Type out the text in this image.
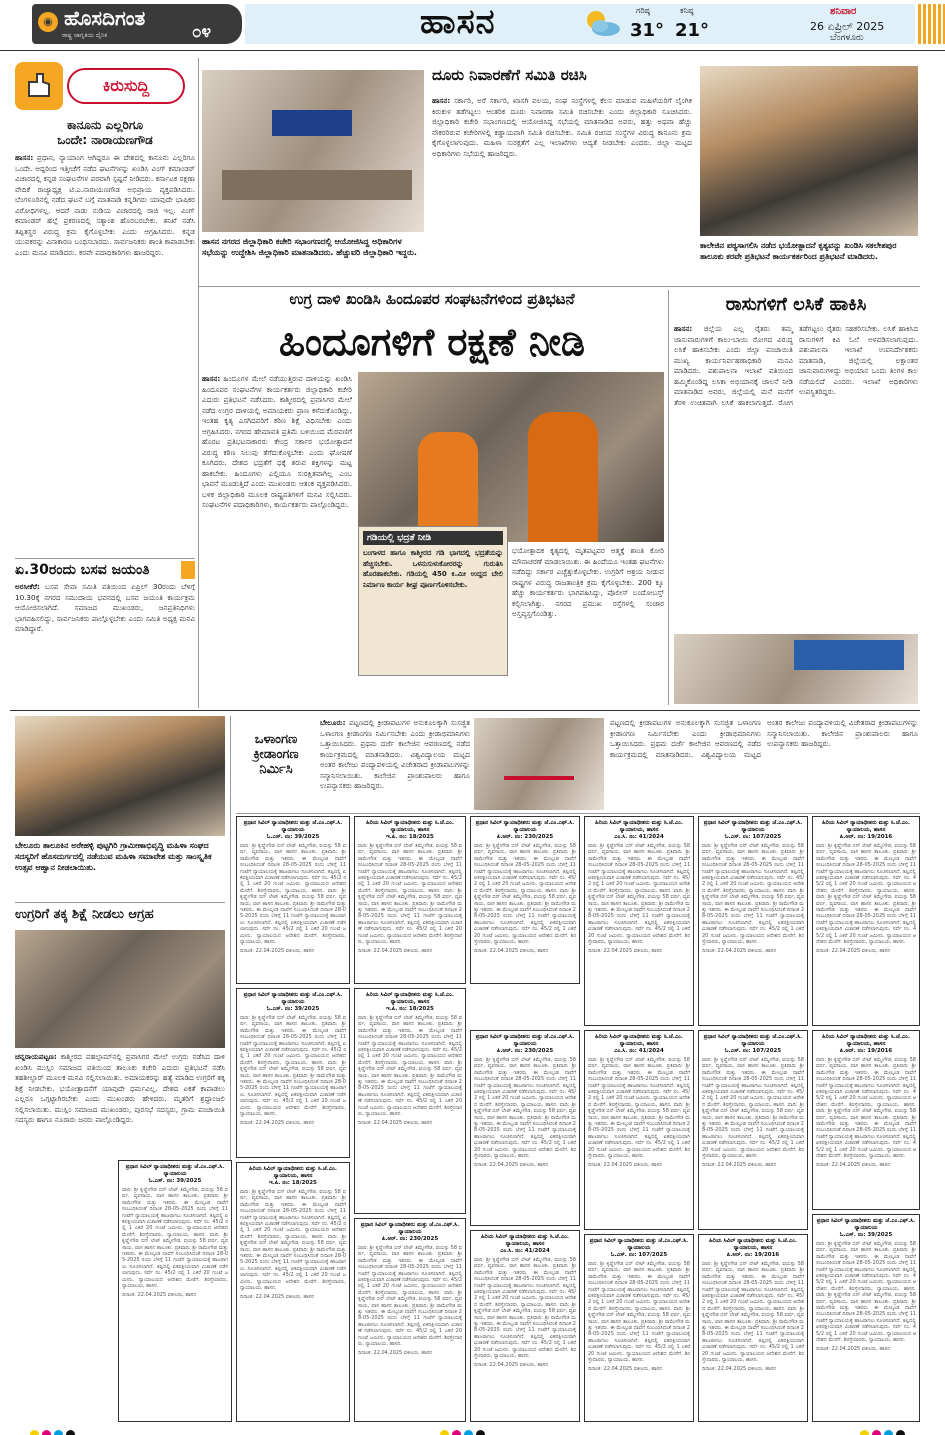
◉ ಹೊಸದಿಗಂತ
ರಾಷ್ಟ್ರ ಜಾಗೃತಿಯ ದೈನಿಕ	೦೪	ಹಾಸನ	ಗರಿಷ್ಠ
31°
ಕನಿಷ್ಠ
21°
ಶನಿವಾರ
26 ಏಪ್ರಿಲ್ 2025
ಬೆಂಗಳೂರು
ಕಿರುಸುದ್ದಿ
ಕಾನೂನು ಎಲ್ಲರಿಗೂ
ಒಂದೇ: ನಾರಾಯಣಗೌಡ
ಹಾಸನ: ಪ್ರಧಾನ, ನ್ಯಾಯಾಂಗ ಆಗಿದ್ದರೂ ಈ ದೇಶದಲ್ಲಿ ಕಾನೂನು ಎಲ್ಲರಿಗೂ ಒಂದೇ. ಆದ್ದರಿಂದ ಇತ್ತೀಚೆಗೆ ನಡೆದ ಘಟನೆಗಳನ್ನು ಖಂಡಿಸಿ ವಿಂಗ್ ಕಮಾಂಡರ್ ವಿಚಾರದಲ್ಲಿ ಕನ್ನಡ ಸಂಘಟನೆಗಳ ಪರವಾಗಿ ಸ್ಪಷ್ಟನೆ ನೀಡಿದರು. ಕರ್ನಾಟಕ ರಕ್ಷಣಾ ವೇದಿಕೆ ರಾಜ್ಯಾಧ್ಯಕ್ಷ ಟಿ.ಎ.ನಾರಾಯಣಗೌಡ ಅಭಿಪ್ರಾಯ ವ್ಯಕ್ತಪಡಿಸಿದರು. ಬೆಂಗಳೂರಿನಲ್ಲಿ ನಡೆದ ಘಟನೆ ಬಗ್ಗೆ ಮಾತನಾಡಿ ಕನ್ನಡಿಗರು ಯಾವುದೇ ಭಾಷಿಕರ ವಿರೋಧಿಗಳಲ್ಲ. ಆದರೆ ನಾಡು ನುಡಿಯ ವಿಚಾರದಲ್ಲಿ ರಾಜಿ ಇಲ್ಲ. ವಿಂಗ್ ಕಮಾಂಡರ್ ಹಲ್ಲೆ ಪ್ರಕರಣದಲ್ಲಿ ಸತ್ಯಾಂಶ ಹೊರಬರಬೇಕು. ತನಿಖೆ ನಡೆಸಿ ತಪ್ಪಿತಸ್ಥರ ವಿರುದ್ಧ ಕ್ರಮ ಕೈಗೊಳ್ಳಬೇಕು ಎಂದು ಆಗ್ರಹಿಸಿದರು. ಕನ್ನಡ ಯುವಕರನ್ನು ವಿನಾಕಾರಣ ಬಂಧಿಸಬಾರದು. ಸಾರ್ವಜನಿಕರು ಶಾಂತಿ ಕಾಪಾಡಬೇಕು ಎಂದು ಮನವಿ ಮಾಡಿದರು. ಕರವೇ ಪದಾಧಿಕಾರಿಗಳು ಹಾಜರಿದ್ದರು.
ಏ.30ರಂದು ಬಸವ ಜಯಂತಿ
ಅರಸೀಕೆರೆ: ಬಸವ ಸೇವಾ ಸಮಿತಿ ವತಿಯಿಂದ ಏಪ್ರಿಲ್ 30ರಂದು ಬೆಳಿಗ್ಗೆ 10.30ಕ್ಕೆ ನಗರದ ಸಮುದಾಯ ಭವನದಲ್ಲಿ ಬಸವ ಜಯಂತಿ ಕಾರ್ಯಕ್ರಮ ಆಯೋಜಿಸಲಾಗಿದೆ. ಸಮಾಜದ ಮುಖಂಡರು, ಜನಪ್ರತಿನಿಧಿಗಳು ಭಾಗವಹಿಸಲಿದ್ದು, ಸಾರ್ವಜನಿಕರು ಪಾಲ್ಗೊಳ್ಳಬೇಕು ಎಂದು ಸಮಿತಿ ಅಧ್ಯಕ್ಷ ಮನವಿ ಮಾಡಿದ್ದಾರೆ.
ಹಾಸನ ನಗರದ ಜಿಲ್ಲಾಧಿಕಾರಿ ಕಚೇರಿ ಸಭಾಂಗಣದಲ್ಲಿ ಆಯೋಜಿಸಿದ್ದ ಅಧಿಕಾರಿಗಳ ಸಭೆಯನ್ನು ಉದ್ದೇಶಿಸಿ ಜಿಲ್ಲಾಧಿಕಾರಿ ಮಾತನಾಡಿದರು. ಹೆಚ್ಚುವರಿ ಜಿಲ್ಲಾಧಿಕಾರಿ ಇದ್ದರು.
ದೂರು ನಿವಾರಣೆಗೆ ಸಮಿತಿ ರಚಿಸಿ
ಹಾಸನ: ಸರ್ಕಾರಿ, ಅರೆ ಸರ್ಕಾರಿ, ಖಾಸಗಿ ವಲಯ, ಸಂಘ ಸಂಸ್ಥೆಗಳಲ್ಲಿ ಕೆಲಸ ಮಾಡುವ ಮಹಿಳೆಯರಿಗೆ ಲೈಂಗಿಕ ಕಿರುಕುಳ ತಡೆಗಟ್ಟಲು ಆಂತರಿಕ ದೂರು ನಿವಾರಣಾ ಸಮಿತಿ ರಚಿಸಬೇಕು ಎಂದು ಜಿಲ್ಲಾಧಿಕಾರಿ ಸೂಚಿಸಿದರು. ಜಿಲ್ಲಾಧಿಕಾರಿ ಕಚೇರಿ ಸಭಾಂಗಣದಲ್ಲಿ ಆಯೋಜಿಸಿದ್ದ ಸಭೆಯಲ್ಲಿ ಮಾತನಾಡಿದ ಅವರು, ಹತ್ತು ಅಥವಾ ಹೆಚ್ಚು ನೌಕರರಿರುವ ಕಚೇರಿಗಳಲ್ಲಿ ಕಡ್ಡಾಯವಾಗಿ ಸಮಿತಿ ರಚಿಸಬೇಕು. ಸಮಿತಿ ರಚಿಸದ ಸಂಸ್ಥೆಗಳ ವಿರುದ್ಧ ಕಾನೂನು ಕ್ರಮ ಕೈಗೊಳ್ಳಲಾಗುವುದು. ಮಹಿಳಾ ಸುರಕ್ಷತೆಗೆ ಎಲ್ಲ ಇಲಾಖೆಗಳು ಆದ್ಯತೆ ನೀಡಬೇಕು ಎಂದರು. ಜಿಲ್ಲಾ ಮಟ್ಟದ ಅಧಿಕಾರಿಗಳು ಸಭೆಯಲ್ಲಿ ಹಾಜರಿದ್ದರು.
ಕಾಲೇಜಿನ ಪಠ್ಯಸಾಗಲಿಸಿ ನಡೆದ ಭಯೋತ್ಪಾದನೆ ಕೃತ್ಯವನ್ನು ಖಂಡಿಸಿ ಸಕಲೇಶಪುರ ತಾಲೂಕು ಕರವೇ ಪ್ರತಿಭಟನೆ ಕಾರ್ಯಕರ್ತರಿಂದ ಪ್ರತಿಭಟನೆ ಮಾಡಿದರು.
ಉಗ್ರ ದಾಳಿ ಖಂಡಿಸಿ ಹಿಂದೂಪರ ಸಂಘಟನೆಗಳಿಂದ ಪ್ರತಿಭಟನೆ
ಹಿಂದೂಗಳಿಗೆ ರಕ್ಷಣೆ ನೀಡಿ
ಹಾಸನ: ಹಿಂದೂಗಳ ಮೇಲೆ ನಡೆಯುತ್ತಿರುವ ದಾಳಿಯನ್ನು ಖಂಡಿಸಿ ಹಿಂದೂಪರ ಸಂಘಟನೆಗಳ ಕಾರ್ಯಕರ್ತರು ಜಿಲ್ಲಾಧಿಕಾರಿ ಕಚೇರಿ ಎದುರು ಪ್ರತಿಭಟನೆ ನಡೆಸಿದರು. ಕಾಶ್ಮೀರದಲ್ಲಿ ಪ್ರವಾಸಿಗರ ಮೇಲೆ ನಡೆದ ಉಗ್ರರ ದಾಳಿಯಲ್ಲಿ ಅಮಾಯಕರು ಪ್ರಾಣ ಕಳೆದುಕೊಂಡಿದ್ದು, ಇಂತಹ ಕೃತ್ಯ ಎಸಗಿದವರಿಗೆ ಕಠಿಣ ಶಿಕ್ಷೆ ವಿಧಿಸಬೇಕು ಎಂದು ಆಗ್ರಹಿಸಿದರು. ನಗರದ ಹೇಮಾವತಿ ಪ್ರತಿಮೆ ಬಳಿಯಿಂದ ಮೆರವಣಿಗೆ ಹೊರಟ ಪ್ರತಿಭಟನಾಕಾರರು ಕೇಂದ್ರ ಸರ್ಕಾರ ಭಯೋತ್ಪಾದನೆ ವಿರುದ್ಧ ಕಠಿಣ ನಿಲುವು ತೆಗೆದುಕೊಳ್ಳಬೇಕು ಎಂದು ಘೋಷಣೆ ಕೂಗಿದರು. ದೇಶದ ಭದ್ರತೆಗೆ ಧಕ್ಕೆ ತರುವ ಶಕ್ತಿಗಳನ್ನು ಮಟ್ಟ ಹಾಕಬೇಕು. ಹಿಂದೂಗಳು ಎಲ್ಲಿಯೂ ಸುರಕ್ಷಿತವಾಗಿಲ್ಲ ಎಂಬ ಭಾವನೆ ಮೂಡುತ್ತಿದೆ ಎಂದು ಮುಖಂಡರು ಆತಂಕ ವ್ಯಕ್ತಪಡಿಸಿದರು. ಬಳಿಕ ಜಿಲ್ಲಾಧಿಕಾರಿ ಮೂಲಕ ರಾಷ್ಟ್ರಪತಿಗಳಿಗೆ ಮನವಿ ಸಲ್ಲಿಸಿದರು. ಸಂಘಟನೆಗಳ ಪದಾಧಿಕಾರಿಗಳು, ಕಾರ್ಯಕರ್ತರು ಪಾಲ್ಗೊಂಡಿದ್ದರು.
ಗಡಿಯಲ್ಲಿ ಭದ್ರತೆ ನೀಡಿ
ಬಂಗಾಳದ ಹಾಗೂ ಕಾಶ್ಮೀರದ ಗಡಿ ಭಾಗದಲ್ಲಿ ಭದ್ರತೆಯನ್ನು ಹೆಚ್ಚಿಸಬೇಕು. ಒಳನುಸುಳುಕೋರರನ್ನು ಗುರುತಿಸಿ ಹೊರಹಾಕಬೇಕು. ಗಡಿಯಲ್ಲಿ 450 ಕಿ.ಮೀ ಉದ್ದದ ಬೇಲಿ ನಿರ್ಮಾಣ ಕಾರ್ಯ ಶೀಘ್ರ ಪೂರ್ಣಗೊಳಿಸಬೇಕು.
ಭಯೋತ್ಪಾದಕ ಕೃತ್ಯದಲ್ಲಿ ಮೃತಪಟ್ಟವರ ಆತ್ಮಕ್ಕೆ ಶಾಂತಿ ಕೋರಿ ಮೌನಾಚರಣೆ ಮಾಡಲಾಯಿತು. ಈ ಹಿಂದೆಯೂ ಇಂತಹ ಘಟನೆಗಳು ನಡೆದಿದ್ದು ಸರ್ಕಾರ ಎಚ್ಚೆತ್ತುಕೊಳ್ಳಬೇಕು. ಉಗ್ರರಿಗೆ ಆಶ್ರಯ ನೀಡುವ ರಾಷ್ಟ್ರಗಳ ವಿರುದ್ಧ ರಾಜತಾಂತ್ರಿಕ ಕ್ರಮ ಕೈಗೊಳ್ಳಬೇಕು. 200 ಕ್ಕೂ ಹೆಚ್ಚು ಕಾರ್ಯಕರ್ತರು ಭಾಗವಹಿಸಿದ್ದು, ಪೊಲೀಸ್ ಬಂದೋಬಸ್ತ್ ಕಲ್ಪಿಸಲಾಗಿತ್ತು. ನಗರದ ಪ್ರಮುಖ ರಸ್ತೆಗಳಲ್ಲಿ ಸಂಚಾರ ಅಸ್ತವ್ಯಸ್ತಗೊಂಡಿತ್ತು.
ರಾಸುಗಳಿಗೆ ಲಸಿಕೆ ಹಾಕಿಸಿ
ಹಾಸನ: ಜಿಲ್ಲೆಯ ಎಲ್ಲ ರೈತರು ತಮ್ಮ ಜಾನುವಾರುಗಳಿಗೆ ಕಾಲು-ಬಾಯಿ ರೋಗದ ವಿರುದ್ಧ ಲಸಿಕೆ ಹಾಕಿಸಬೇಕು ಎಂದು ಜಿಲ್ಲಾ ಪಂಚಾಯಿತಿ ಮುಖ್ಯ ಕಾರ್ಯನಿರ್ವಹಣಾಧಿಕಾರಿ ಮನವಿ ಮಾಡಿದರು. ಪಶುಪಾಲನಾ ಇಲಾಖೆ ವತಿಯಿಂದ ಹಮ್ಮಿಕೊಂಡಿದ್ದ ಲಸಿಕಾ ಅಭಿಯಾನಕ್ಕೆ ಚಾಲನೆ ನೀಡಿ ಮಾತನಾಡಿದ ಅವರು, ಜಿಲ್ಲೆಯಲ್ಲಿ ಮನೆ ಮನೆಗೆ ತೆರಳಿ ಉಚಿತವಾಗಿ ಲಸಿಕೆ ಹಾಕಲಾಗುತ್ತದೆ. ರೋಗ ತಡೆಗಟ್ಟಲು ರೈತರು ಸಹಕರಿಸಬೇಕು. ಲಸಿಕೆ ಹಾಕಿಸಿದ ರಾಸುಗಳಿಗೆ ಕಿವಿ ಓಲೆ ಅಳವಡಿಸಲಾಗುವುದು. ಪಶುಪಾಲನಾ ಇಲಾಖೆ ಉಪನಿರ್ದೇಶಕರು ಮಾತನಾಡಿ, ಜಿಲ್ಲೆಯಲ್ಲಿ ಲಕ್ಷಾಂತರ ಜಾನುವಾರುಗಳಿದ್ದು ಅಭಿಯಾನ ಒಂದು ತಿಂಗಳ ಕಾಲ ನಡೆಯಲಿದೆ ಎಂದರು. ಇಲಾಖೆ ಅಧಿಕಾರಿಗಳು ಉಪಸ್ಥಿತರಿದ್ದರು.
ಬೇಲೂರು ತಾಲೂಕಿನ ಅರೇಹಳ್ಳಿ ಪುಟ್ಟಗಿರಿ ಗ್ರಾಮೀಣಾಭಿವೃದ್ಧಿ ಮಹಿಳಾ ಸಂಘದ ಸದಸ್ಯರಿಗೆ ಹೊಸದುರ್ಗದಲ್ಲಿ ನಡೆಯುವ ಮಹಿಳಾ ಸಮಾವೇಶ ಮತ್ತು ಸಾಂಸ್ಕೃತಿಕ ಉತ್ಸವ ಆಹ್ವಾನ ನೀಡಲಾಯಿತು.
ಉಗ್ರರಿಗೆ ತಕ್ಕ ಶಿಕ್ಷೆ ನೀಡಲು ಆಗ್ರಹ
ಚನ್ನರಾಯಪಟ್ಟಣ: ಕಾಶ್ಮೀರದ ಪಹಲ್ಗಾಮ್‌ನಲ್ಲಿ ಪ್ರವಾಸಿಗರ ಮೇಲೆ ಉಗ್ರರು ನಡೆಸಿದ ದಾಳಿ ಖಂಡಿಸಿ ಮುಸ್ಲಿಂ ಸಮಾಜದ ವತಿಯಿಂದ ತಾಲೂಕು ಕಚೇರಿ ಎದುರು ಪ್ರತಿಭಟನೆ ನಡೆಸಿ ತಹಶೀಲ್ದಾರ್ ಮೂಲಕ ಮನವಿ ಸಲ್ಲಿಸಲಾಯಿತು. ಅಮಾಯಕರನ್ನು ಹತ್ಯೆ ಮಾಡಿದ ಉಗ್ರರಿಗೆ ತಕ್ಕ ಶಿಕ್ಷೆ ನೀಡಬೇಕು. ಭಯೋತ್ಪಾದನೆಗೆ ಯಾವುದೇ ಧರ್ಮವಿಲ್ಲ. ದೇಶದ ಏಕತೆ ಕಾಪಾಡಲು ಎಲ್ಲರೂ ಒಗ್ಗಟ್ಟಾಗಿರಬೇಕು ಎಂದು ಮುಖಂಡರು ಹೇಳಿದರು. ಮೃತರಿಗೆ ಶ್ರದ್ಧಾಂಜಲಿ ಸಲ್ಲಿಸಲಾಯಿತು. ಮುಸ್ಲಿಂ ಸಮಾಜದ ಮುಖಂಡರು, ಪುರಸಭೆ ಸದಸ್ಯರು, ಗ್ರಾಮ ಪಂಚಾಯಿತಿ ಸದಸ್ಯರು ಹಾಗೂ ನೂರಾರು ಜನರು ಪಾಲ್ಗೊಂಡಿದ್ದರು.
ಒಳಾಂಗಣ
ಕ್ರೀಡಾಂಗಣ
ನಿರ್ಮಿಸಿ
ಬೇಲೂರು: ಪಟ್ಟಣದಲ್ಲಿ ಕ್ರೀಡಾಪಟುಗಳ ಅನುಕೂಲಕ್ಕಾಗಿ ಸುಸಜ್ಜಿತ ಒಳಾಂಗಣ ಕ್ರೀಡಾಂಗಣ ನಿರ್ಮಿಸಬೇಕು ಎಂದು ಕ್ರೀಡಾಭಿಮಾನಿಗಳು ಒತ್ತಾಯಿಸಿದರು. ಪ್ರಥಮ ದರ್ಜೆ ಕಾಲೇಜಿನ ಆವರಣದಲ್ಲಿ ನಡೆದ ಕಾರ್ಯಕ್ರಮದಲ್ಲಿ ಮಾತನಾಡಿದರು. ವಿಶ್ವವಿದ್ಯಾಲಯ ಮಟ್ಟದ ಅಂತರ ಕಾಲೇಜು ಪಂದ್ಯಾವಳಿಯಲ್ಲಿ ವಿಜೇತರಾದ ಕ್ರೀಡಾಪಟುಗಳನ್ನು ಸನ್ಮಾನಿಸಲಾಯಿತು. ಕಾಲೇಜಿನ ಪ್ರಾಂಶುಪಾಲರು ಹಾಗೂ ಉಪನ್ಯಾಸಕರು ಹಾಜರಿದ್ದರು.
ಪಟ್ಟಣದಲ್ಲಿ ಕ್ರೀಡಾಪಟುಗಳ ಅನುಕೂಲಕ್ಕಾಗಿ ಸುಸಜ್ಜಿತ ಒಳಾಂಗಣ ಕ್ರೀಡಾಂಗಣ ನಿರ್ಮಿಸಬೇಕು ಎಂದು ಕ್ರೀಡಾಭಿಮಾನಿಗಳು ಒತ್ತಾಯಿಸಿದರು. ಪ್ರಥಮ ದರ್ಜೆ ಕಾಲೇಜಿನ ಆವರಣದಲ್ಲಿ ನಡೆದ ಕಾರ್ಯಕ್ರಮದಲ್ಲಿ ಮಾತನಾಡಿದರು. ವಿಶ್ವವಿದ್ಯಾಲಯ ಮಟ್ಟದ ಅಂತರ ಕಾಲೇಜು ಪಂದ್ಯಾವಳಿಯಲ್ಲಿ ವಿಜೇತರಾದ ಕ್ರೀಡಾಪಟುಗಳನ್ನು ಸನ್ಮಾನಿಸಲಾಯಿತು. ಕಾಲೇಜಿನ ಪ್ರಾಂಶುಪಾಲರು ಹಾಗೂ ಉಪನ್ಯಾಸಕರು ಹಾಜರಿದ್ದರು.
ಪ್ರಧಾನ ಸಿವಿಲ್ ನ್ಯಾಯಾಧೀಶರು ಮತ್ತು ಜೆ.ಎಂ.ಎಫ್.ಸಿ. ನ್ಯಾಯಾಲಯ
ಓ.ಎಸ್. ನಂ: 39/2025
ವಾದಿ: ಶ್ರೀ ಕೃಷ್ಣೇಗೌಡ ಬಿನ್ ಲೇಟ್ ತಿಮ್ಮೇಗೌಡ, ವಯಸ್ಸು 58 ವರ್ಷ, ವ್ಯವಸಾಯ, ವಾಸ ಹಾಸನ ತಾಲೂಕು. ಪ್ರತಿವಾದಿ: ಶ್ರೀ ರಾಮೇಗೌಡ ಮತ್ತು ಇತರರು. ಈ ಮೇಲ್ಕಂಡ ದಾವೆಗೆ ಸಂಬಂಧಿಸಿದಂತೆ ದಿನಾಂಕ 28-05-2025 ರಂದು ಬೆಳಿಗ್ಗೆ 11 ಗಂಟೆಗೆ ನ್ಯಾಯಾಲಯಕ್ಕೆ ಹಾಜರಾಗಲು ಸೂಚಿಸಲಾಗಿದೆ. ತಪ್ಪಿದಲ್ಲಿ ಏಕಪಕ್ಷೀಯವಾಗಿ ವಿಚಾರಣೆ ನಡೆಸಲಾಗುವುದು. ಸರ್ವೆ ನಂ. 45/2 ರಲ್ಲಿ 1 ಎಕರೆ 20 ಗುಂಟೆ ಜಮೀನು. ನ್ಯಾಯಾಲಯದ ಆದೇಶದ ಮೇರೆಗೆ. ಶಿರಸ್ತೇದಾರರು, ನ್ಯಾಯಾಲಯ, ಹಾಸನ. ವಾದಿ: ಶ್ರೀ ಕೃಷ್ಣೇಗೌಡ ಬಿನ್ ಲೇಟ್ ತಿಮ್ಮೇಗೌಡ, ವಯಸ್ಸು 58 ವರ್ಷ, ವ್ಯವಸಾಯ, ವಾಸ ಹಾಸನ ತಾಲೂಕು. ಪ್ರತಿವಾದಿ: ಶ್ರೀ ರಾಮೇಗೌಡ ಮತ್ತು ಇತರರು. ಈ ಮೇಲ್ಕಂಡ ದಾವೆಗೆ ಸಂಬಂಧಿಸಿದಂತೆ ದಿನಾಂಕ 28-05-2025 ರಂದು ಬೆಳಿಗ್ಗೆ 11 ಗಂಟೆಗೆ ನ್ಯಾಯಾಲಯಕ್ಕೆ ಹಾಜರಾಗಲು ಸೂಚಿಸಲಾಗಿದೆ. ತಪ್ಪಿದಲ್ಲಿ ಏಕಪಕ್ಷೀಯವಾಗಿ ವಿಚಾರಣೆ ನಡೆಸಲಾಗುವುದು. ಸರ್ವೆ ನಂ. 45/2 ರಲ್ಲಿ 1 ಎಕರೆ 20 ಗುಂಟೆ ಜಮೀನು. ನ್ಯಾಯಾಲಯದ ಆದೇಶದ ಮೇರೆಗೆ. ಶಿರಸ್ತೇದಾರರು, ನ್ಯಾಯಾಲಯ, ಹಾಸನ.
ದಿನಾಂಕ: 22.04.2025 ವಕೀಲರು, ಹಾಸನ
ಹಿರಿಯ ಸಿವಿಲ್ ನ್ಯಾಯಾಧೀಶರು ಮತ್ತು ಸಿ.ಜೆ.ಎಂ. ನ್ಯಾಯಾಲಯ, ಹಾಸನ
ಇ.ಪಿ. ನಂ: 18/2025
ವಾದಿ: ಶ್ರೀ ಕೃಷ್ಣೇಗೌಡ ಬಿನ್ ಲೇಟ್ ತಿಮ್ಮೇಗೌಡ, ವಯಸ್ಸು 58 ವರ್ಷ, ವ್ಯವಸಾಯ, ವಾಸ ಹಾಸನ ತಾಲೂಕು. ಪ್ರತಿವಾದಿ: ಶ್ರೀ ರಾಮೇಗೌಡ ಮತ್ತು ಇತರರು. ಈ ಮೇಲ್ಕಂಡ ದಾವೆಗೆ ಸಂಬಂಧಿಸಿದಂತೆ ದಿನಾಂಕ 28-05-2025 ರಂದು ಬೆಳಿಗ್ಗೆ 11 ಗಂಟೆಗೆ ನ್ಯಾಯಾಲಯಕ್ಕೆ ಹಾಜರಾಗಲು ಸೂಚಿಸಲಾಗಿದೆ. ತಪ್ಪಿದಲ್ಲಿ ಏಕಪಕ್ಷೀಯವಾಗಿ ವಿಚಾರಣೆ ನಡೆಸಲಾಗುವುದು. ಸರ್ವೆ ನಂ. 45/2 ರಲ್ಲಿ 1 ಎಕರೆ 20 ಗುಂಟೆ ಜಮೀನು. ನ್ಯಾಯಾಲಯದ ಆದೇಶದ ಮೇರೆಗೆ. ಶಿರಸ್ತೇದಾರರು, ನ್ಯಾಯಾಲಯ, ಹಾಸನ. ವಾದಿ: ಶ್ರೀ ಕೃಷ್ಣೇಗೌಡ ಬಿನ್ ಲೇಟ್ ತಿಮ್ಮೇಗೌಡ, ವಯಸ್ಸು 58 ವರ್ಷ, ವ್ಯವಸಾಯ, ವಾಸ ಹಾಸನ ತಾಲೂಕು. ಪ್ರತಿವಾದಿ: ಶ್ರೀ ರಾಮೇಗೌಡ ಮತ್ತು ಇತರರು. ಈ ಮೇಲ್ಕಂಡ ದಾವೆಗೆ ಸಂಬಂಧಿಸಿದಂತೆ ದಿನಾಂಕ 28-05-2025 ರಂದು ಬೆಳಿಗ್ಗೆ 11 ಗಂಟೆಗೆ ನ್ಯಾಯಾಲಯಕ್ಕೆ ಹಾಜರಾಗಲು ಸೂಚಿಸಲಾಗಿದೆ. ತಪ್ಪಿದಲ್ಲಿ ಏಕಪಕ್ಷೀಯವಾಗಿ ವಿಚಾರಣೆ ನಡೆಸಲಾಗುವುದು. ಸರ್ವೆ ನಂ. 45/2 ರಲ್ಲಿ 1 ಎಕರೆ 20 ಗುಂಟೆ ಜಮೀನು. ನ್ಯಾಯಾಲಯದ ಆದೇಶದ ಮೇರೆಗೆ. ಶಿರಸ್ತೇದಾರರು, ನ್ಯಾಯಾಲಯ, ಹಾಸನ.
ದಿನಾಂಕ: 22.04.2025 ವಕೀಲರು, ಹಾಸನ
ಪ್ರಧಾನ ಸಿವಿಲ್ ನ್ಯಾಯಾಧೀಶರು ಮತ್ತು ಜೆ.ಎಂ.ಎಫ್.ಸಿ. ನ್ಯಾಯಾಲಯ
ಪಿ.ಆ‌ರ್. ನಂ: 230/2025
ವಾದಿ: ಶ್ರೀ ಕೃಷ್ಣೇಗೌಡ ಬಿನ್ ಲೇಟ್ ತಿಮ್ಮೇಗೌಡ, ವಯಸ್ಸು 58 ವರ್ಷ, ವ್ಯವಸಾಯ, ವಾಸ ಹಾಸನ ತಾಲೂಕು. ಪ್ರತಿವಾದಿ: ಶ್ರೀ ರಾಮೇಗೌಡ ಮತ್ತು ಇತರರು. ಈ ಮೇಲ್ಕಂಡ ದಾವೆಗೆ ಸಂಬಂಧಿಸಿದಂತೆ ದಿನಾಂಕ 28-05-2025 ರಂದು ಬೆಳಿಗ್ಗೆ 11 ಗಂಟೆಗೆ ನ್ಯಾಯಾಲಯಕ್ಕೆ ಹಾಜರಾಗಲು ಸೂಚಿಸಲಾಗಿದೆ. ತಪ್ಪಿದಲ್ಲಿ ಏಕಪಕ್ಷೀಯವಾಗಿ ವಿಚಾರಣೆ ನಡೆಸಲಾಗುವುದು. ಸರ್ವೆ ನಂ. 45/2 ರಲ್ಲಿ 1 ಎಕರೆ 20 ಗುಂಟೆ ಜಮೀನು. ನ್ಯಾಯಾಲಯದ ಆದೇಶದ ಮೇರೆಗೆ. ಶಿರಸ್ತೇದಾರರು, ನ್ಯಾಯಾಲಯ, ಹಾಸನ. ವಾದಿ: ಶ್ರೀ ಕೃಷ್ಣೇಗೌಡ ಬಿನ್ ಲೇಟ್ ತಿಮ್ಮೇಗೌಡ, ವಯಸ್ಸು 58 ವರ್ಷ, ವ್ಯವಸಾಯ, ವಾಸ ಹಾಸನ ತಾಲೂಕು. ಪ್ರತಿವಾದಿ: ಶ್ರೀ ರಾಮೇಗೌಡ ಮತ್ತು ಇತರರು. ಈ ಮೇಲ್ಕಂಡ ದಾವೆಗೆ ಸಂಬಂಧಿಸಿದಂತೆ ದಿನಾಂಕ 28-05-2025 ರಂದು ಬೆಳಿಗ್ಗೆ 11 ಗಂಟೆಗೆ ನ್ಯಾಯಾಲಯಕ್ಕೆ ಹಾಜರಾಗಲು ಸೂಚಿಸಲಾಗಿದೆ. ತಪ್ಪಿದಲ್ಲಿ ಏಕಪಕ್ಷೀಯವಾಗಿ ವಿಚಾರಣೆ ನಡೆಸಲಾಗುವುದು. ಸರ್ವೆ ನಂ. 45/2 ರಲ್ಲಿ 1 ಎಕರೆ 20 ಗುಂಟೆ ಜಮೀನು. ನ್ಯಾಯಾಲಯದ ಆದೇಶದ ಮೇರೆಗೆ. ಶಿರಸ್ತೇದಾರರು, ನ್ಯಾಯಾಲಯ, ಹಾಸನ.
ದಿನಾಂಕ: 22.04.2025 ವಕೀಲರು, ಹಾಸನ
ಹಿರಿಯ ಸಿವಿಲ್ ನ್ಯಾಯಾಧೀಶರು ಮತ್ತು ಸಿ.ಜೆ.ಎಂ. ನ್ಯಾಯಾಲಯ, ಹಾಸನ
ಎಂ.ಸಿ. ನಂ: 41/2024
ವಾದಿ: ಶ್ರೀ ಕೃಷ್ಣೇಗೌಡ ಬಿನ್ ಲೇಟ್ ತಿಮ್ಮೇಗೌಡ, ವಯಸ್ಸು 58 ವರ್ಷ, ವ್ಯವಸಾಯ, ವಾಸ ಹಾಸನ ತಾಲೂಕು. ಪ್ರತಿವಾದಿ: ಶ್ರೀ ರಾಮೇಗೌಡ ಮತ್ತು ಇತರರು. ಈ ಮೇಲ್ಕಂಡ ದಾವೆಗೆ ಸಂಬಂಧಿಸಿದಂತೆ ದಿನಾಂಕ 28-05-2025 ರಂದು ಬೆಳಿಗ್ಗೆ 11 ಗಂಟೆಗೆ ನ್ಯಾಯಾಲಯಕ್ಕೆ ಹಾಜರಾಗಲು ಸೂಚಿಸಲಾಗಿದೆ. ತಪ್ಪಿದಲ್ಲಿ ಏಕಪಕ್ಷೀಯವಾಗಿ ವಿಚಾರಣೆ ನಡೆಸಲಾಗುವುದು. ಸರ್ವೆ ನಂ. 45/2 ರಲ್ಲಿ 1 ಎಕರೆ 20 ಗುಂಟೆ ಜಮೀನು. ನ್ಯಾಯಾಲಯದ ಆದೇಶದ ಮೇರೆಗೆ. ಶಿರಸ್ತೇದಾರರು, ನ್ಯಾಯಾಲಯ, ಹಾಸನ. ವಾದಿ: ಶ್ರೀ ಕೃಷ್ಣೇಗೌಡ ಬಿನ್ ಲೇಟ್ ತಿಮ್ಮೇಗೌಡ, ವಯಸ್ಸು 58 ವರ್ಷ, ವ್ಯವಸಾಯ, ವಾಸ ಹಾಸನ ತಾಲೂಕು. ಪ್ರತಿವಾದಿ: ಶ್ರೀ ರಾಮೇಗೌಡ ಮತ್ತು ಇತರರು. ಈ ಮೇಲ್ಕಂಡ ದಾವೆಗೆ ಸಂಬಂಧಿಸಿದಂತೆ ದಿನಾಂಕ 28-05-2025 ರಂದು ಬೆಳಿಗ್ಗೆ 11 ಗಂಟೆಗೆ ನ್ಯಾಯಾಲಯಕ್ಕೆ ಹಾಜರಾಗಲು ಸೂಚಿಸಲಾಗಿದೆ. ತಪ್ಪಿದಲ್ಲಿ ಏಕಪಕ್ಷೀಯವಾಗಿ ವಿಚಾರಣೆ ನಡೆಸಲಾಗುವುದು. ಸರ್ವೆ ನಂ. 45/2 ರಲ್ಲಿ 1 ಎಕರೆ 20 ಗುಂಟೆ ಜಮೀನು. ನ್ಯಾಯಾಲಯದ ಆದೇಶದ ಮೇರೆಗೆ. ಶಿರಸ್ತೇದಾರರು, ನ್ಯಾಯಾಲಯ, ಹಾಸನ.
ದಿನಾಂಕ: 22.04.2025 ವಕೀಲರು, ಹಾಸನ
ಪ್ರಧಾನ ಸಿವಿಲ್ ನ್ಯಾಯಾಧೀಶರು ಮತ್ತು ಜೆ.ಎಂ.ಎಫ್.ಸಿ. ನ್ಯಾಯಾಲಯ
ಓ.ಎಸ್. ನಂ: 107/2025
ವಾದಿ: ಶ್ರೀ ಕೃಷ್ಣೇಗೌಡ ಬಿನ್ ಲೇಟ್ ತಿಮ್ಮೇಗೌಡ, ವಯಸ್ಸು 58 ವರ್ಷ, ವ್ಯವಸಾಯ, ವಾಸ ಹಾಸನ ತಾಲೂಕು. ಪ್ರತಿವಾದಿ: ಶ್ರೀ ರಾಮೇಗೌಡ ಮತ್ತು ಇತರರು. ಈ ಮೇಲ್ಕಂಡ ದಾವೆಗೆ ಸಂಬಂಧಿಸಿದಂತೆ ದಿನಾಂಕ 28-05-2025 ರಂದು ಬೆಳಿಗ್ಗೆ 11 ಗಂಟೆಗೆ ನ್ಯಾಯಾಲಯಕ್ಕೆ ಹಾಜರಾಗಲು ಸೂಚಿಸಲಾಗಿದೆ. ತಪ್ಪಿದಲ್ಲಿ ಏಕಪಕ್ಷೀಯವಾಗಿ ವಿಚಾರಣೆ ನಡೆಸಲಾಗುವುದು. ಸರ್ವೆ ನಂ. 45/2 ರಲ್ಲಿ 1 ಎಕರೆ 20 ಗುಂಟೆ ಜಮೀನು. ನ್ಯಾಯಾಲಯದ ಆದೇಶದ ಮೇರೆಗೆ. ಶಿರಸ್ತೇದಾರರು, ನ್ಯಾಯಾಲಯ, ಹಾಸನ. ವಾದಿ: ಶ್ರೀ ಕೃಷ್ಣೇಗೌಡ ಬಿನ್ ಲೇಟ್ ತಿಮ್ಮೇಗೌಡ, ವಯಸ್ಸು 58 ವರ್ಷ, ವ್ಯವಸಾಯ, ವಾಸ ಹಾಸನ ತಾಲೂಕು. ಪ್ರತಿವಾದಿ: ಶ್ರೀ ರಾಮೇಗೌಡ ಮತ್ತು ಇತರರು. ಈ ಮೇಲ್ಕಂಡ ದಾವೆಗೆ ಸಂಬಂಧಿಸಿದಂತೆ ದಿನಾಂಕ 28-05-2025 ರಂದು ಬೆಳಿಗ್ಗೆ 11 ಗಂಟೆಗೆ ನ್ಯಾಯಾಲಯಕ್ಕೆ ಹಾಜರಾಗಲು ಸೂಚಿಸಲಾಗಿದೆ. ತಪ್ಪಿದಲ್ಲಿ ಏಕಪಕ್ಷೀಯವಾಗಿ ವಿಚಾರಣೆ ನಡೆಸಲಾಗುವುದು. ಸರ್ವೆ ನಂ. 45/2 ರಲ್ಲಿ 1 ಎಕರೆ 20 ಗುಂಟೆ ಜಮೀನು. ನ್ಯಾಯಾಲಯದ ಆದೇಶದ ಮೇರೆಗೆ. ಶಿರಸ್ತೇದಾರರು, ನ್ಯಾಯಾಲಯ, ಹಾಸನ.
ದಿನಾಂಕ: 22.04.2025 ವಕೀಲರು, ಹಾಸನ
ಹಿರಿಯ ಸಿವಿಲ್ ನ್ಯಾಯಾಧೀಶರು ಮತ್ತು ಸಿ.ಜೆ.ಎಂ. ನ್ಯಾಯಾಲಯ, ಹಾಸನ
ಪಿ.ಅ‌ರ್. ನಂ: 19/2016
ವಾದಿ: ಶ್ರೀ ಕೃಷ್ಣೇಗೌಡ ಬಿನ್ ಲೇಟ್ ತಿಮ್ಮೇಗೌಡ, ವಯಸ್ಸು 58 ವರ್ಷ, ವ್ಯವಸಾಯ, ವಾಸ ಹಾಸನ ತಾಲೂಕು. ಪ್ರತಿವಾದಿ: ಶ್ರೀ ರಾಮೇಗೌಡ ಮತ್ತು ಇತರರು. ಈ ಮೇಲ್ಕಂಡ ದಾವೆಗೆ ಸಂಬಂಧಿಸಿದಂತೆ ದಿನಾಂಕ 28-05-2025 ರಂದು ಬೆಳಿಗ್ಗೆ 11 ಗಂಟೆಗೆ ನ್ಯಾಯಾಲಯಕ್ಕೆ ಹಾಜರಾಗಲು ಸೂಚಿಸಲಾಗಿದೆ. ತಪ್ಪಿದಲ್ಲಿ ಏಕಪಕ್ಷೀಯವಾಗಿ ವಿಚಾರಣೆ ನಡೆಸಲಾಗುವುದು. ಸರ್ವೆ ನಂ. 45/2 ರಲ್ಲಿ 1 ಎಕರೆ 20 ಗುಂಟೆ ಜಮೀನು. ನ್ಯಾಯಾಲಯದ ಆದೇಶದ ಮೇರೆಗೆ. ಶಿರಸ್ತೇದಾರರು, ನ್ಯಾಯಾಲಯ, ಹಾಸನ. ವಾದಿ: ಶ್ರೀ ಕೃಷ್ಣೇಗೌಡ ಬಿನ್ ಲೇಟ್ ತಿಮ್ಮೇಗೌಡ, ವಯಸ್ಸು 58 ವರ್ಷ, ವ್ಯವಸಾಯ, ವಾಸ ಹಾಸನ ತಾಲೂಕು. ಪ್ರತಿವಾದಿ: ಶ್ರೀ ರಾಮೇಗೌಡ ಮತ್ತು ಇತರರು. ಈ ಮೇಲ್ಕಂಡ ದಾವೆಗೆ ಸಂಬಂಧಿಸಿದಂತೆ ದಿನಾಂಕ 28-05-2025 ರಂದು ಬೆಳಿಗ್ಗೆ 11 ಗಂಟೆಗೆ ನ್ಯಾಯಾಲಯಕ್ಕೆ ಹಾಜರಾಗಲು ಸೂಚಿಸಲಾಗಿದೆ. ತಪ್ಪಿದಲ್ಲಿ ಏಕಪಕ್ಷೀಯವಾಗಿ ವಿಚಾರಣೆ ನಡೆಸಲಾಗುವುದು. ಸರ್ವೆ ನಂ. 45/2 ರಲ್ಲಿ 1 ಎಕರೆ 20 ಗುಂಟೆ ಜಮೀನು. ನ್ಯಾಯಾಲಯದ ಆದೇಶದ ಮೇರೆಗೆ. ಶಿರಸ್ತೇದಾರರು, ನ್ಯಾಯಾಲಯ, ಹಾಸನ.
ದಿನಾಂಕ: 22.04.2025 ವಕೀಲರು, ಹಾಸನ
ಪ್ರಧಾನ ಸಿವಿಲ್ ನ್ಯಾಯಾಧೀಶರು ಮತ್ತು ಜೆ.ಎಂ.ಎಫ್.ಸಿ. ನ್ಯಾಯಾಲಯ
ಓ.ಎಸ್. ನಂ: 39/2025
ವಾದಿ: ಶ್ರೀ ಕೃಷ್ಣೇಗೌಡ ಬಿನ್ ಲೇಟ್ ತಿಮ್ಮೇಗೌಡ, ವಯಸ್ಸು 58 ವರ್ಷ, ವ್ಯವಸಾಯ, ವಾಸ ಹಾಸನ ತಾಲೂಕು. ಪ್ರತಿವಾದಿ: ಶ್ರೀ ರಾಮೇಗೌಡ ಮತ್ತು ಇತರರು. ಈ ಮೇಲ್ಕಂಡ ದಾವೆಗೆ ಸಂಬಂಧಿಸಿದಂತೆ ದಿನಾಂಕ 28-05-2025 ರಂದು ಬೆಳಿಗ್ಗೆ 11 ಗಂಟೆಗೆ ನ್ಯಾಯಾಲಯಕ್ಕೆ ಹಾಜರಾಗಲು ಸೂಚಿಸಲಾಗಿದೆ. ತಪ್ಪಿದಲ್ಲಿ ಏಕಪಕ್ಷೀಯವಾಗಿ ವಿಚಾರಣೆ ನಡೆಸಲಾಗುವುದು. ಸರ್ವೆ ನಂ. 45/2 ರಲ್ಲಿ 1 ಎಕರೆ 20 ಗುಂಟೆ ಜಮೀನು. ನ್ಯಾಯಾಲಯದ ಆದೇಶದ ಮೇರೆಗೆ. ಶಿರಸ್ತೇದಾರರು, ನ್ಯಾಯಾಲಯ, ಹಾಸನ. ವಾದಿ: ಶ್ರೀ ಕೃಷ್ಣೇಗೌಡ ಬಿನ್ ಲೇಟ್ ತಿಮ್ಮೇಗೌಡ, ವಯಸ್ಸು 58 ವರ್ಷ, ವ್ಯವಸಾಯ, ವಾಸ ಹಾಸನ ತಾಲೂಕು. ಪ್ರತಿವಾದಿ: ಶ್ರೀ ರಾಮೇಗೌಡ ಮತ್ತು ಇತರರು. ಈ ಮೇಲ್ಕಂಡ ದಾವೆಗೆ ಸಂಬಂಧಿಸಿದಂತೆ ದಿನಾಂಕ 28-05-2025 ರಂದು ಬೆಳಿಗ್ಗೆ 11 ಗಂಟೆಗೆ ನ್ಯಾಯಾಲಯಕ್ಕೆ ಹಾಜರಾಗಲು ಸೂಚಿಸಲಾಗಿದೆ. ತಪ್ಪಿದಲ್ಲಿ ಏಕಪಕ್ಷೀಯವಾಗಿ ವಿಚಾರಣೆ ನಡೆಸಲಾಗುವುದು. ಸರ್ವೆ ನಂ. 45/2 ರಲ್ಲಿ 1 ಎಕರೆ 20 ಗುಂಟೆ ಜಮೀನು. ನ್ಯಾಯಾಲಯದ ಆದೇಶದ ಮೇರೆಗೆ. ಶಿರಸ್ತೇದಾರರು, ನ್ಯಾಯಾಲಯ, ಹಾಸನ.
ದಿನಾಂಕ: 22.04.2025 ವಕೀಲರು, ಹಾಸನ
ಹಿರಿಯ ಸಿವಿಲ್ ನ್ಯಾಯಾಧೀಶರು ಮತ್ತು ಸಿ.ಜೆ.ಎಂ. ನ್ಯಾಯಾಲಯ, ಹಾಸನ
ಇ.ಪಿ. ನಂ: 18/2025
ವಾದಿ: ಶ್ರೀ ಕೃಷ್ಣೇಗೌಡ ಬಿನ್ ಲೇಟ್ ತಿಮ್ಮೇಗೌಡ, ವಯಸ್ಸು 58 ವರ್ಷ, ವ್ಯವಸಾಯ, ವಾಸ ಹಾಸನ ತಾಲೂಕು. ಪ್ರತಿವಾದಿ: ಶ್ರೀ ರಾಮೇಗೌಡ ಮತ್ತು ಇತರರು. ಈ ಮೇಲ್ಕಂಡ ದಾವೆಗೆ ಸಂಬಂಧಿಸಿದಂತೆ ದಿನಾಂಕ 28-05-2025 ರಂದು ಬೆಳಿಗ್ಗೆ 11 ಗಂಟೆಗೆ ನ್ಯಾಯಾಲಯಕ್ಕೆ ಹಾಜರಾಗಲು ಸೂಚಿಸಲಾಗಿದೆ. ತಪ್ಪಿದಲ್ಲಿ ಏಕಪಕ್ಷೀಯವಾಗಿ ವಿಚಾರಣೆ ನಡೆಸಲಾಗುವುದು. ಸರ್ವೆ ನಂ. 45/2 ರಲ್ಲಿ 1 ಎಕರೆ 20 ಗುಂಟೆ ಜಮೀನು. ನ್ಯಾಯಾಲಯದ ಆದೇಶದ ಮೇರೆಗೆ. ಶಿರಸ್ತೇದಾರರು, ನ್ಯಾಯಾಲಯ, ಹಾಸನ. ವಾದಿ: ಶ್ರೀ ಕೃಷ್ಣೇಗೌಡ ಬಿನ್ ಲೇಟ್ ತಿಮ್ಮೇಗೌಡ, ವಯಸ್ಸು 58 ವರ್ಷ, ವ್ಯವಸಾಯ, ವಾಸ ಹಾಸನ ತಾಲೂಕು. ಪ್ರತಿವಾದಿ: ಶ್ರೀ ರಾಮೇಗೌಡ ಮತ್ತು ಇತರರು. ಈ ಮೇಲ್ಕಂಡ ದಾವೆಗೆ ಸಂಬಂಧಿಸಿದಂತೆ ದಿನಾಂಕ 28-05-2025 ರಂದು ಬೆಳಿಗ್ಗೆ 11 ಗಂಟೆಗೆ ನ್ಯಾಯಾಲಯಕ್ಕೆ ಹಾಜರಾಗಲು ಸೂಚಿಸಲಾಗಿದೆ. ತಪ್ಪಿದಲ್ಲಿ ಏಕಪಕ್ಷೀಯವಾಗಿ ವಿಚಾರಣೆ ನಡೆಸಲಾಗುವುದು. ಸರ್ವೆ ನಂ. 45/2 ರಲ್ಲಿ 1 ಎಕರೆ 20 ಗುಂಟೆ ಜಮೀನು. ನ್ಯಾಯಾಲಯದ ಆದೇಶದ ಮೇರೆಗೆ. ಶಿರಸ್ತೇದಾರರು, ನ್ಯಾಯಾಲಯ, ಹಾಸನ.
ದಿನಾಂಕ: 22.04.2025 ವಕೀಲರು, ಹಾಸನ
ಪ್ರಧಾನ ಸಿವಿಲ್ ನ್ಯಾಯಾಧೀಶರು ಮತ್ತು ಜೆ.ಎಂ.ಎಫ್.ಸಿ. ನ್ಯಾಯಾಲಯ
ಪಿ.ಆ‌ರ್. ನಂ: 230/2025
ವಾದಿ: ಶ್ರೀ ಕೃಷ್ಣೇಗೌಡ ಬಿನ್ ಲೇಟ್ ತಿಮ್ಮೇಗೌಡ, ವಯಸ್ಸು 58 ವರ್ಷ, ವ್ಯವಸಾಯ, ವಾಸ ಹಾಸನ ತಾಲೂಕು. ಪ್ರತಿವಾದಿ: ಶ್ರೀ ರಾಮೇಗೌಡ ಮತ್ತು ಇತರರು. ಈ ಮೇಲ್ಕಂಡ ದಾವೆಗೆ ಸಂಬಂಧಿಸಿದಂತೆ ದಿನಾಂಕ 28-05-2025 ರಂದು ಬೆಳಿಗ್ಗೆ 11 ಗಂಟೆಗೆ ನ್ಯಾಯಾಲಯಕ್ಕೆ ಹಾಜರಾಗಲು ಸೂಚಿಸಲಾಗಿದೆ. ತಪ್ಪಿದಲ್ಲಿ ಏಕಪಕ್ಷೀಯವಾಗಿ ವಿಚಾರಣೆ ನಡೆಸಲಾಗುವುದು. ಸರ್ವೆ ನಂ. 45/2 ರಲ್ಲಿ 1 ಎಕರೆ 20 ಗುಂಟೆ ಜಮೀನು. ನ್ಯಾಯಾಲಯದ ಆದೇಶದ ಮೇರೆಗೆ. ಶಿರಸ್ತೇದಾರರು, ನ್ಯಾಯಾಲಯ, ಹಾಸನ. ವಾದಿ: ಶ್ರೀ ಕೃಷ್ಣೇಗೌಡ ಬಿನ್ ಲೇಟ್ ತಿಮ್ಮೇಗೌಡ, ವಯಸ್ಸು 58 ವರ್ಷ, ವ್ಯವಸಾಯ, ವಾಸ ಹಾಸನ ತಾಲೂಕು. ಪ್ರತಿವಾದಿ: ಶ್ರೀ ರಾಮೇಗೌಡ ಮತ್ತು ಇತರರು. ಈ ಮೇಲ್ಕಂಡ ದಾವೆಗೆ ಸಂಬಂಧಿಸಿದಂತೆ ದಿನಾಂಕ 28-05-2025 ರಂದು ಬೆಳಿಗ್ಗೆ 11 ಗಂಟೆಗೆ ನ್ಯಾಯಾಲಯಕ್ಕೆ ಹಾಜರಾಗಲು ಸೂಚಿಸಲಾಗಿದೆ. ತಪ್ಪಿದಲ್ಲಿ ಏಕಪಕ್ಷೀಯವಾಗಿ ವಿಚಾರಣೆ ನಡೆಸಲಾಗುವುದು. ಸರ್ವೆ ನಂ. 45/2 ರಲ್ಲಿ 1 ಎಕರೆ 20 ಗುಂಟೆ ಜಮೀನು. ನ್ಯಾಯಾಲಯದ ಆದೇಶದ ಮೇರೆಗೆ. ಶಿರಸ್ತೇದಾರರು, ನ್ಯಾಯಾಲಯ, ಹಾಸನ.
ದಿನಾಂಕ: 22.04.2025 ವಕೀಲರು, ಹಾಸನ
ಹಿರಿಯ ಸಿವಿಲ್ ನ್ಯಾಯಾಧೀಶರು ಮತ್ತು ಸಿ.ಜೆ.ಎಂ. ನ್ಯಾಯಾಲಯ, ಹಾಸನ
ಎಂ.ಸಿ. ನಂ: 41/2024
ವಾದಿ: ಶ್ರೀ ಕೃಷ್ಣೇಗೌಡ ಬಿನ್ ಲೇಟ್ ತಿಮ್ಮೇಗೌಡ, ವಯಸ್ಸು 58 ವರ್ಷ, ವ್ಯವಸಾಯ, ವಾಸ ಹಾಸನ ತಾಲೂಕು. ಪ್ರತಿವಾದಿ: ಶ್ರೀ ರಾಮೇಗೌಡ ಮತ್ತು ಇತರರು. ಈ ಮೇಲ್ಕಂಡ ದಾವೆಗೆ ಸಂಬಂಧಿಸಿದಂತೆ ದಿನಾಂಕ 28-05-2025 ರಂದು ಬೆಳಿಗ್ಗೆ 11 ಗಂಟೆಗೆ ನ್ಯಾಯಾಲಯಕ್ಕೆ ಹಾಜರಾಗಲು ಸೂಚಿಸಲಾಗಿದೆ. ತಪ್ಪಿದಲ್ಲಿ ಏಕಪಕ್ಷೀಯವಾಗಿ ವಿಚಾರಣೆ ನಡೆಸಲಾಗುವುದು. ಸರ್ವೆ ನಂ. 45/2 ರಲ್ಲಿ 1 ಎಕರೆ 20 ಗುಂಟೆ ಜಮೀನು. ನ್ಯಾಯಾಲಯದ ಆದೇಶದ ಮೇರೆಗೆ. ಶಿರಸ್ತೇದಾರರು, ನ್ಯಾಯಾಲಯ, ಹಾಸನ. ವಾದಿ: ಶ್ರೀ ಕೃಷ್ಣೇಗೌಡ ಬಿನ್ ಲೇಟ್ ತಿಮ್ಮೇಗೌಡ, ವಯಸ್ಸು 58 ವರ್ಷ, ವ್ಯವಸಾಯ, ವಾಸ ಹಾಸನ ತಾಲೂಕು. ಪ್ರತಿವಾದಿ: ಶ್ರೀ ರಾಮೇಗೌಡ ಮತ್ತು ಇತರರು. ಈ ಮೇಲ್ಕಂಡ ದಾವೆಗೆ ಸಂಬಂಧಿಸಿದಂತೆ ದಿನಾಂಕ 28-05-2025 ರಂದು ಬೆಳಿಗ್ಗೆ 11 ಗಂಟೆಗೆ ನ್ಯಾಯಾಲಯಕ್ಕೆ ಹಾಜರಾಗಲು ಸೂಚಿಸಲಾಗಿದೆ. ತಪ್ಪಿದಲ್ಲಿ ಏಕಪಕ್ಷೀಯವಾಗಿ ವಿಚಾರಣೆ ನಡೆಸಲಾಗುವುದು. ಸರ್ವೆ ನಂ. 45/2 ರಲ್ಲಿ 1 ಎಕರೆ 20 ಗುಂಟೆ ಜಮೀನು. ನ್ಯಾಯಾಲಯದ ಆದೇಶದ ಮೇರೆಗೆ. ಶಿರಸ್ತೇದಾರರು, ನ್ಯಾಯಾಲಯ, ಹಾಸನ.
ದಿನಾಂಕ: 22.04.2025 ವಕೀಲರು, ಹಾಸನ
ಪ್ರಧಾನ ಸಿವಿಲ್ ನ್ಯಾಯಾಧೀಶರು ಮತ್ತು ಜೆ.ಎಂ.ಎಫ್.ಸಿ. ನ್ಯಾಯಾಲಯ
ಓ.ಎಸ್. ನಂ: 107/2025
ವಾದಿ: ಶ್ರೀ ಕೃಷ್ಣೇಗೌಡ ಬಿನ್ ಲೇಟ್ ತಿಮ್ಮೇಗೌಡ, ವಯಸ್ಸು 58 ವರ್ಷ, ವ್ಯವಸಾಯ, ವಾಸ ಹಾಸನ ತಾಲೂಕು. ಪ್ರತಿವಾದಿ: ಶ್ರೀ ರಾಮೇಗೌಡ ಮತ್ತು ಇತರರು. ಈ ಮೇಲ್ಕಂಡ ದಾವೆಗೆ ಸಂಬಂಧಿಸಿದಂತೆ ದಿನಾಂಕ 28-05-2025 ರಂದು ಬೆಳಿಗ್ಗೆ 11 ಗಂಟೆಗೆ ನ್ಯಾಯಾಲಯಕ್ಕೆ ಹಾಜರಾಗಲು ಸೂಚಿಸಲಾಗಿದೆ. ತಪ್ಪಿದಲ್ಲಿ ಏಕಪಕ್ಷೀಯವಾಗಿ ವಿಚಾರಣೆ ನಡೆಸಲಾಗುವುದು. ಸರ್ವೆ ನಂ. 45/2 ರಲ್ಲಿ 1 ಎಕರೆ 20 ಗುಂಟೆ ಜಮೀನು. ನ್ಯಾಯಾಲಯದ ಆದೇಶದ ಮೇರೆಗೆ. ಶಿರಸ್ತೇದಾರರು, ನ್ಯಾಯಾಲಯ, ಹಾಸನ. ವಾದಿ: ಶ್ರೀ ಕೃಷ್ಣೇಗೌಡ ಬಿನ್ ಲೇಟ್ ತಿಮ್ಮೇಗೌಡ, ವಯಸ್ಸು 58 ವರ್ಷ, ವ್ಯವಸಾಯ, ವಾಸ ಹಾಸನ ತಾಲೂಕು. ಪ್ರತಿವಾದಿ: ಶ್ರೀ ರಾಮೇಗೌಡ ಮತ್ತು ಇತರರು. ಈ ಮೇಲ್ಕಂಡ ದಾವೆಗೆ ಸಂಬಂಧಿಸಿದಂತೆ ದಿನಾಂಕ 28-05-2025 ರಂದು ಬೆಳಿಗ್ಗೆ 11 ಗಂಟೆಗೆ ನ್ಯಾಯಾಲಯಕ್ಕೆ ಹಾಜರಾಗಲು ಸೂಚಿಸಲಾಗಿದೆ. ತಪ್ಪಿದಲ್ಲಿ ಏಕಪಕ್ಷೀಯವಾಗಿ ವಿಚಾರಣೆ ನಡೆಸಲಾಗುವುದು. ಸರ್ವೆ ನಂ. 45/2 ರಲ್ಲಿ 1 ಎಕರೆ 20 ಗುಂಟೆ ಜಮೀನು. ನ್ಯಾಯಾಲಯದ ಆದೇಶದ ಮೇರೆಗೆ. ಶಿರಸ್ತೇದಾರರು, ನ್ಯಾಯಾಲಯ, ಹಾಸನ.
ದಿನಾಂಕ: 22.04.2025 ವಕೀಲರು, ಹಾಸನ
ಹಿರಿಯ ಸಿವಿಲ್ ನ್ಯಾಯಾಧೀಶರು ಮತ್ತು ಸಿ.ಜೆ.ಎಂ. ನ್ಯಾಯಾಲಯ, ಹಾಸನ
ಪಿ.ಅ‌ರ್. ನಂ: 19/2016
ವಾದಿ: ಶ್ರೀ ಕೃಷ್ಣೇಗೌಡ ಬಿನ್ ಲೇಟ್ ತಿಮ್ಮೇಗೌಡ, ವಯಸ್ಸು 58 ವರ್ಷ, ವ್ಯವಸಾಯ, ವಾಸ ಹಾಸನ ತಾಲೂಕು. ಪ್ರತಿವಾದಿ: ಶ್ರೀ ರಾಮೇಗೌಡ ಮತ್ತು ಇತರರು. ಈ ಮೇಲ್ಕಂಡ ದಾವೆಗೆ ಸಂಬಂಧಿಸಿದಂತೆ ದಿನಾಂಕ 28-05-2025 ರಂದು ಬೆಳಿಗ್ಗೆ 11 ಗಂಟೆಗೆ ನ್ಯಾಯಾಲಯಕ್ಕೆ ಹಾಜರಾಗಲು ಸೂಚಿಸಲಾಗಿದೆ. ತಪ್ಪಿದಲ್ಲಿ ಏಕಪಕ್ಷೀಯವಾಗಿ ವಿಚಾರಣೆ ನಡೆಸಲಾಗುವುದು. ಸರ್ವೆ ನಂ. 45/2 ರಲ್ಲಿ 1 ಎಕರೆ 20 ಗುಂಟೆ ಜಮೀನು. ನ್ಯಾಯಾಲಯದ ಆದೇಶದ ಮೇರೆಗೆ. ಶಿರಸ್ತೇದಾರರು, ನ್ಯಾಯಾಲಯ, ಹಾಸನ. ವಾದಿ: ಶ್ರೀ ಕೃಷ್ಣೇಗೌಡ ಬಿನ್ ಲೇಟ್ ತಿಮ್ಮೇಗೌಡ, ವಯಸ್ಸು 58 ವರ್ಷ, ವ್ಯವಸಾಯ, ವಾಸ ಹಾಸನ ತಾಲೂಕು. ಪ್ರತಿವಾದಿ: ಶ್ರೀ ರಾಮೇಗೌಡ ಮತ್ತು ಇತರರು. ಈ ಮೇಲ್ಕಂಡ ದಾವೆಗೆ ಸಂಬಂಧಿಸಿದಂತೆ ದಿನಾಂಕ 28-05-2025 ರಂದು ಬೆಳಿಗ್ಗೆ 11 ಗಂಟೆಗೆ ನ್ಯಾಯಾಲಯಕ್ಕೆ ಹಾಜರಾಗಲು ಸೂಚಿಸಲಾಗಿದೆ. ತಪ್ಪಿದಲ್ಲಿ ಏಕಪಕ್ಷೀಯವಾಗಿ ವಿಚಾರಣೆ ನಡೆಸಲಾಗುವುದು. ಸರ್ವೆ ನಂ. 45/2 ರಲ್ಲಿ 1 ಎಕರೆ 20 ಗುಂಟೆ ಜಮೀನು. ನ್ಯಾಯಾಲಯದ ಆದೇಶದ ಮೇರೆಗೆ. ಶಿರಸ್ತೇದಾರರು, ನ್ಯಾಯಾಲಯ, ಹಾಸನ.
ದಿನಾಂಕ: 22.04.2025 ವಕೀಲರು, ಹಾಸನ
ಪ್ರಧಾನ ಸಿವಿಲ್ ನ್ಯಾಯಾಧೀಶರು ಮತ್ತು ಜೆ.ಎಂ.ಎಫ್.ಸಿ. ನ್ಯಾಯಾಲಯ
ಓ.ಎಸ್. ನಂ: 39/2025
ವಾದಿ: ಶ್ರೀ ಕೃಷ್ಣೇಗೌಡ ಬಿನ್ ಲೇಟ್ ತಿಮ್ಮೇಗೌಡ, ವಯಸ್ಸು 58 ವರ್ಷ, ವ್ಯವಸಾಯ, ವಾಸ ಹಾಸನ ತಾಲೂಕು. ಪ್ರತಿವಾದಿ: ಶ್ರೀ ರಾಮೇಗೌಡ ಮತ್ತು ಇತರರು. ಈ ಮೇಲ್ಕಂಡ ದಾವೆಗೆ ಸಂಬಂಧಿಸಿದಂತೆ ದಿನಾಂಕ 28-05-2025 ರಂದು ಬೆಳಿಗ್ಗೆ 11 ಗಂಟೆಗೆ ನ್ಯಾಯಾಲಯಕ್ಕೆ ಹಾಜರಾಗಲು ಸೂಚಿಸಲಾಗಿದೆ. ತಪ್ಪಿದಲ್ಲಿ ಏಕಪಕ್ಷೀಯವಾಗಿ ವಿಚಾರಣೆ ನಡೆಸಲಾಗುವುದು. ಸರ್ವೆ ನಂ. 45/2 ರಲ್ಲಿ 1 ಎಕರೆ 20 ಗುಂಟೆ ಜಮೀನು. ನ್ಯಾಯಾಲಯದ ಆದೇಶದ ಮೇರೆಗೆ. ಶಿರಸ್ತೇದಾರರು, ನ್ಯಾಯಾಲಯ, ಹಾಸನ. ವಾದಿ: ಶ್ರೀ ಕೃಷ್ಣೇಗೌಡ ಬಿನ್ ಲೇಟ್ ತಿಮ್ಮೇಗೌಡ, ವಯಸ್ಸು 58 ವರ್ಷ, ವ್ಯವಸಾಯ, ವಾಸ ಹಾಸನ ತಾಲೂಕು. ಪ್ರತಿವಾದಿ: ಶ್ರೀ ರಾಮೇಗೌಡ ಮತ್ತು ಇತರರು. ಈ ಮೇಲ್ಕಂಡ ದಾವೆಗೆ ಸಂಬಂಧಿಸಿದಂತೆ ದಿನಾಂಕ 28-05-2025 ರಂದು ಬೆಳಿಗ್ಗೆ 11 ಗಂಟೆಗೆ ನ್ಯಾಯಾಲಯಕ್ಕೆ ಹಾಜರಾಗಲು ಸೂಚಿಸಲಾಗಿದೆ. ತಪ್ಪಿದಲ್ಲಿ ಏಕಪಕ್ಷೀಯವಾಗಿ ವಿಚಾರಣೆ ನಡೆಸಲಾಗುವುದು. ಸರ್ವೆ ನಂ. 45/2 ರಲ್ಲಿ 1 ಎಕರೆ 20 ಗುಂಟೆ ಜಮೀನು. ನ್ಯಾಯಾಲಯದ ಆದೇಶದ ಮೇರೆಗೆ. ಶಿರಸ್ತೇದಾರರು, ನ್ಯಾಯಾಲಯ, ಹಾಸನ.
ದಿನಾಂಕ: 22.04.2025 ವಕೀಲರು, ಹಾಸನ
ಹಿರಿಯ ಸಿವಿಲ್ ನ್ಯಾಯಾಧೀಶರು ಮತ್ತು ಸಿ.ಜೆ.ಎಂ. ನ್ಯಾಯಾಲಯ, ಹಾಸನ
ಇ.ಪಿ. ನಂ: 18/2025
ವಾದಿ: ಶ್ರೀ ಕೃಷ್ಣೇಗೌಡ ಬಿನ್ ಲೇಟ್ ತಿಮ್ಮೇಗೌಡ, ವಯಸ್ಸು 58 ವರ್ಷ, ವ್ಯವಸಾಯ, ವಾಸ ಹಾಸನ ತಾಲೂಕು. ಪ್ರತಿವಾದಿ: ಶ್ರೀ ರಾಮೇಗೌಡ ಮತ್ತು ಇತರರು. ಈ ಮೇಲ್ಕಂಡ ದಾವೆಗೆ ಸಂಬಂಧಿಸಿದಂತೆ ದಿನಾಂಕ 28-05-2025 ರಂದು ಬೆಳಿಗ್ಗೆ 11 ಗಂಟೆಗೆ ನ್ಯಾಯಾಲಯಕ್ಕೆ ಹಾಜರಾಗಲು ಸೂಚಿಸಲಾಗಿದೆ. ತಪ್ಪಿದಲ್ಲಿ ಏಕಪಕ್ಷೀಯವಾಗಿ ವಿಚಾರಣೆ ನಡೆಸಲಾಗುವುದು. ಸರ್ವೆ ನಂ. 45/2 ರಲ್ಲಿ 1 ಎಕರೆ 20 ಗುಂಟೆ ಜಮೀನು. ನ್ಯಾಯಾಲಯದ ಆದೇಶದ ಮೇರೆಗೆ. ಶಿರಸ್ತೇದಾರರು, ನ್ಯಾಯಾಲಯ, ಹಾಸನ. ವಾದಿ: ಶ್ರೀ ಕೃಷ್ಣೇಗೌಡ ಬಿನ್ ಲೇಟ್ ತಿಮ್ಮೇಗೌಡ, ವಯಸ್ಸು 58 ವರ್ಷ, ವ್ಯವಸಾಯ, ವಾಸ ಹಾಸನ ತಾಲೂಕು. ಪ್ರತಿವಾದಿ: ಶ್ರೀ ರಾಮೇಗೌಡ ಮತ್ತು ಇತರರು. ಈ ಮೇಲ್ಕಂಡ ದಾವೆಗೆ ಸಂಬಂಧಿಸಿದಂತೆ ದಿನಾಂಕ 28-05-2025 ರಂದು ಬೆಳಿಗ್ಗೆ 11 ಗಂಟೆಗೆ ನ್ಯಾಯಾಲಯಕ್ಕೆ ಹಾಜರಾಗಲು ಸೂಚಿಸಲಾಗಿದೆ. ತಪ್ಪಿದಲ್ಲಿ ಏಕಪಕ್ಷೀಯವಾಗಿ ವಿಚಾರಣೆ ನಡೆಸಲಾಗುವುದು. ಸರ್ವೆ ನಂ. 45/2 ರಲ್ಲಿ 1 ಎಕರೆ 20 ಗುಂಟೆ ಜಮೀನು. ನ್ಯಾಯಾಲಯದ ಆದೇಶದ ಮೇರೆಗೆ. ಶಿರಸ್ತೇದಾರರು, ನ್ಯಾಯಾಲಯ, ಹಾಸನ.
ದಿನಾಂಕ: 22.04.2025 ವಕೀಲರು, ಹಾಸನ
ಪ್ರಧಾನ ಸಿವಿಲ್ ನ್ಯಾಯಾಧೀಶರು ಮತ್ತು ಜೆ.ಎಂ.ಎಫ್.ಸಿ. ನ್ಯಾಯಾಲಯ
ಪಿ.ಆ‌ರ್. ನಂ: 230/2025
ವಾದಿ: ಶ್ರೀ ಕೃಷ್ಣೇಗೌಡ ಬಿನ್ ಲೇಟ್ ತಿಮ್ಮೇಗೌಡ, ವಯಸ್ಸು 58 ವರ್ಷ, ವ್ಯವಸಾಯ, ವಾಸ ಹಾಸನ ತಾಲೂಕು. ಪ್ರತಿವಾದಿ: ಶ್ರೀ ರಾಮೇಗೌಡ ಮತ್ತು ಇತರರು. ಈ ಮೇಲ್ಕಂಡ ದಾವೆಗೆ ಸಂಬಂಧಿಸಿದಂತೆ ದಿನಾಂಕ 28-05-2025 ರಂದು ಬೆಳಿಗ್ಗೆ 11 ಗಂಟೆಗೆ ನ್ಯಾಯಾಲಯಕ್ಕೆ ಹಾಜರಾಗಲು ಸೂಚಿಸಲಾಗಿದೆ. ತಪ್ಪಿದಲ್ಲಿ ಏಕಪಕ್ಷೀಯವಾಗಿ ವಿಚಾರಣೆ ನಡೆಸಲಾಗುವುದು. ಸರ್ವೆ ನಂ. 45/2 ರಲ್ಲಿ 1 ಎಕರೆ 20 ಗುಂಟೆ ಜಮೀನು. ನ್ಯಾಯಾಲಯದ ಆದೇಶದ ಮೇರೆಗೆ. ಶಿರಸ್ತೇದಾರರು, ನ್ಯಾಯಾಲಯ, ಹಾಸನ. ವಾದಿ: ಶ್ರೀ ಕೃಷ್ಣೇಗೌಡ ಬಿನ್ ಲೇಟ್ ತಿಮ್ಮೇಗೌಡ, ವಯಸ್ಸು 58 ವರ್ಷ, ವ್ಯವಸಾಯ, ವಾಸ ಹಾಸನ ತಾಲೂಕು. ಪ್ರತಿವಾದಿ: ಶ್ರೀ ರಾಮೇಗೌಡ ಮತ್ತು ಇತರರು. ಈ ಮೇಲ್ಕಂಡ ದಾವೆಗೆ ಸಂಬಂಧಿಸಿದಂತೆ ದಿನಾಂಕ 28-05-2025 ರಂದು ಬೆಳಿಗ್ಗೆ 11 ಗಂಟೆಗೆ ನ್ಯಾಯಾಲಯಕ್ಕೆ ಹಾಜರಾಗಲು ಸೂಚಿಸಲಾಗಿದೆ. ತಪ್ಪಿದಲ್ಲಿ ಏಕಪಕ್ಷೀಯವಾಗಿ ವಿಚಾರಣೆ ನಡೆಸಲಾಗುವುದು. ಸರ್ವೆ ನಂ. 45/2 ರಲ್ಲಿ 1 ಎಕರೆ 20 ಗುಂಟೆ ಜಮೀನು. ನ್ಯಾಯಾಲಯದ ಆದೇಶದ ಮೇರೆಗೆ. ಶಿರಸ್ತೇದಾರರು, ನ್ಯಾಯಾಲಯ, ಹಾಸನ.
ದಿನಾಂಕ: 22.04.2025 ವಕೀಲರು, ಹಾಸನ
ಹಿರಿಯ ಸಿವಿಲ್ ನ್ಯಾಯಾಧೀಶರು ಮತ್ತು ಸಿ.ಜೆ.ಎಂ. ನ್ಯಾಯಾಲಯ, ಹಾಸನ
ಎಂ.ಸಿ. ನಂ: 41/2024
ವಾದಿ: ಶ್ರೀ ಕೃಷ್ಣೇಗೌಡ ಬಿನ್ ಲೇಟ್ ತಿಮ್ಮೇಗೌಡ, ವಯಸ್ಸು 58 ವರ್ಷ, ವ್ಯವಸಾಯ, ವಾಸ ಹಾಸನ ತಾಲೂಕು. ಪ್ರತಿವಾದಿ: ಶ್ರೀ ರಾಮೇಗೌಡ ಮತ್ತು ಇತರರು. ಈ ಮೇಲ್ಕಂಡ ದಾವೆಗೆ ಸಂಬಂಧಿಸಿದಂತೆ ದಿನಾಂಕ 28-05-2025 ರಂದು ಬೆಳಿಗ್ಗೆ 11 ಗಂಟೆಗೆ ನ್ಯಾಯಾಲಯಕ್ಕೆ ಹಾಜರಾಗಲು ಸೂಚಿಸಲಾಗಿದೆ. ತಪ್ಪಿದಲ್ಲಿ ಏಕಪಕ್ಷೀಯವಾಗಿ ವಿಚಾರಣೆ ನಡೆಸಲಾಗುವುದು. ಸರ್ವೆ ನಂ. 45/2 ರಲ್ಲಿ 1 ಎಕರೆ 20 ಗುಂಟೆ ಜಮೀನು. ನ್ಯಾಯಾಲಯದ ಆದೇಶದ ಮೇರೆಗೆ. ಶಿರಸ್ತೇದಾರರು, ನ್ಯಾಯಾಲಯ, ಹಾಸನ. ವಾದಿ: ಶ್ರೀ ಕೃಷ್ಣೇಗೌಡ ಬಿನ್ ಲೇಟ್ ತಿಮ್ಮೇಗೌಡ, ವಯಸ್ಸು 58 ವರ್ಷ, ವ್ಯವಸಾಯ, ವಾಸ ಹಾಸನ ತಾಲೂಕು. ಪ್ರತಿವಾದಿ: ಶ್ರೀ ರಾಮೇಗೌಡ ಮತ್ತು ಇತರರು. ಈ ಮೇಲ್ಕಂಡ ದಾವೆಗೆ ಸಂಬಂಧಿಸಿದಂತೆ ದಿನಾಂಕ 28-05-2025 ರಂದು ಬೆಳಿಗ್ಗೆ 11 ಗಂಟೆಗೆ ನ್ಯಾಯಾಲಯಕ್ಕೆ ಹಾಜರಾಗಲು ಸೂಚಿಸಲಾಗಿದೆ. ತಪ್ಪಿದಲ್ಲಿ ಏಕಪಕ್ಷೀಯವಾಗಿ ವಿಚಾರಣೆ ನಡೆಸಲಾಗುವುದು. ಸರ್ವೆ ನಂ. 45/2 ರಲ್ಲಿ 1 ಎಕರೆ 20 ಗುಂಟೆ ಜಮೀನು. ನ್ಯಾಯಾಲಯದ ಆದೇಶದ ಮೇರೆಗೆ. ಶಿರಸ್ತೇದಾರರು, ನ್ಯಾಯಾಲಯ, ಹಾಸನ.
ದಿನಾಂಕ: 22.04.2025 ವಕೀಲರು, ಹಾಸನ
ಪ್ರಧಾನ ಸಿವಿಲ್ ನ್ಯಾಯಾಧೀಶರು ಮತ್ತು ಜೆ.ಎಂ.ಎಫ್.ಸಿ. ನ್ಯಾಯಾಲಯ
ಓ.ಎಸ್. ನಂ: 107/2025
ವಾದಿ: ಶ್ರೀ ಕೃಷ್ಣೇಗೌಡ ಬಿನ್ ಲೇಟ್ ತಿಮ್ಮೇಗೌಡ, ವಯಸ್ಸು 58 ವರ್ಷ, ವ್ಯವಸಾಯ, ವಾಸ ಹಾಸನ ತಾಲೂಕು. ಪ್ರತಿವಾದಿ: ಶ್ರೀ ರಾಮೇಗೌಡ ಮತ್ತು ಇತರರು. ಈ ಮೇಲ್ಕಂಡ ದಾವೆಗೆ ಸಂಬಂಧಿಸಿದಂತೆ ದಿನಾಂಕ 28-05-2025 ರಂದು ಬೆಳಿಗ್ಗೆ 11 ಗಂಟೆಗೆ ನ್ಯಾಯಾಲಯಕ್ಕೆ ಹಾಜರಾಗಲು ಸೂಚಿಸಲಾಗಿದೆ. ತಪ್ಪಿದಲ್ಲಿ ಏಕಪಕ್ಷೀಯವಾಗಿ ವಿಚಾರಣೆ ನಡೆಸಲಾಗುವುದು. ಸರ್ವೆ ನಂ. 45/2 ರಲ್ಲಿ 1 ಎಕರೆ 20 ಗುಂಟೆ ಜಮೀನು. ನ್ಯಾಯಾಲಯದ ಆದೇಶದ ಮೇರೆಗೆ. ಶಿರಸ್ತೇದಾರರು, ನ್ಯಾಯಾಲಯ, ಹಾಸನ. ವಾದಿ: ಶ್ರೀ ಕೃಷ್ಣೇಗೌಡ ಬಿನ್ ಲೇಟ್ ತಿಮ್ಮೇಗೌಡ, ವಯಸ್ಸು 58 ವರ್ಷ, ವ್ಯವಸಾಯ, ವಾಸ ಹಾಸನ ತಾಲೂಕು. ಪ್ರತಿವಾದಿ: ಶ್ರೀ ರಾಮೇಗೌಡ ಮತ್ತು ಇತರರು. ಈ ಮೇಲ್ಕಂಡ ದಾವೆಗೆ ಸಂಬಂಧಿಸಿದಂತೆ ದಿನಾಂಕ 28-05-2025 ರಂದು ಬೆಳಿಗ್ಗೆ 11 ಗಂಟೆಗೆ ನ್ಯಾಯಾಲಯಕ್ಕೆ ಹಾಜರಾಗಲು ಸೂಚಿಸಲಾಗಿದೆ. ತಪ್ಪಿದಲ್ಲಿ ಏಕಪಕ್ಷೀಯವಾಗಿ ವಿಚಾರಣೆ ನಡೆಸಲಾಗುವುದು. ಸರ್ವೆ ನಂ. 45/2 ರಲ್ಲಿ 1 ಎಕರೆ 20 ಗುಂಟೆ ಜಮೀನು. ನ್ಯಾಯಾಲಯದ ಆದೇಶದ ಮೇರೆಗೆ. ಶಿರಸ್ತೇದಾರರು, ನ್ಯಾಯಾಲಯ, ಹಾಸನ.
ದಿನಾಂಕ: 22.04.2025 ವಕೀಲರು, ಹಾಸನ
ಹಿರಿಯ ಸಿವಿಲ್ ನ್ಯಾಯಾಧೀಶರು ಮತ್ತು ಸಿ.ಜೆ.ಎಂ. ನ್ಯಾಯಾಲಯ, ಹಾಸನ
ಪಿ.ಅ‌ರ್. ನಂ: 19/2016
ವಾದಿ: ಶ್ರೀ ಕೃಷ್ಣೇಗೌಡ ಬಿನ್ ಲೇಟ್ ತಿಮ್ಮೇಗೌಡ, ವಯಸ್ಸು 58 ವರ್ಷ, ವ್ಯವಸಾಯ, ವಾಸ ಹಾಸನ ತಾಲೂಕು. ಪ್ರತಿವಾದಿ: ಶ್ರೀ ರಾಮೇಗೌಡ ಮತ್ತು ಇತರರು. ಈ ಮೇಲ್ಕಂಡ ದಾವೆಗೆ ಸಂಬಂಧಿಸಿದಂತೆ ದಿನಾಂಕ 28-05-2025 ರಂದು ಬೆಳಿಗ್ಗೆ 11 ಗಂಟೆಗೆ ನ್ಯಾಯಾಲಯಕ್ಕೆ ಹಾಜರಾಗಲು ಸೂಚಿಸಲಾಗಿದೆ. ತಪ್ಪಿದಲ್ಲಿ ಏಕಪಕ್ಷೀಯವಾಗಿ ವಿಚಾರಣೆ ನಡೆಸಲಾಗುವುದು. ಸರ್ವೆ ನಂ. 45/2 ರಲ್ಲಿ 1 ಎಕರೆ 20 ಗುಂಟೆ ಜಮೀನು. ನ್ಯಾಯಾಲಯದ ಆದೇಶದ ಮೇರೆಗೆ. ಶಿರಸ್ತೇದಾರರು, ನ್ಯಾಯಾಲಯ, ಹಾಸನ. ವಾದಿ: ಶ್ರೀ ಕೃಷ್ಣೇಗೌಡ ಬಿನ್ ಲೇಟ್ ತಿಮ್ಮೇಗೌಡ, ವಯಸ್ಸು 58 ವರ್ಷ, ವ್ಯವಸಾಯ, ವಾಸ ಹಾಸನ ತಾಲೂಕು. ಪ್ರತಿವಾದಿ: ಶ್ರೀ ರಾಮೇಗೌಡ ಮತ್ತು ಇತರರು. ಈ ಮೇಲ್ಕಂಡ ದಾವೆಗೆ ಸಂಬಂಧಿಸಿದಂತೆ ದಿನಾಂಕ 28-05-2025 ರಂದು ಬೆಳಿಗ್ಗೆ 11 ಗಂಟೆಗೆ ನ್ಯಾಯಾಲಯಕ್ಕೆ ಹಾಜರಾಗಲು ಸೂಚಿಸಲಾಗಿದೆ. ತಪ್ಪಿದಲ್ಲಿ ಏಕಪಕ್ಷೀಯವಾಗಿ ವಿಚಾರಣೆ ನಡೆಸಲಾಗುವುದು. ಸರ್ವೆ ನಂ. 45/2 ರಲ್ಲಿ 1 ಎಕರೆ 20 ಗುಂಟೆ ಜಮೀನು. ನ್ಯಾಯಾಲಯದ ಆದೇಶದ ಮೇರೆಗೆ. ಶಿರಸ್ತೇದಾರರು, ನ್ಯಾಯಾಲಯ, ಹಾಸನ.
ದಿನಾಂಕ: 22.04.2025 ವಕೀಲರು, ಹಾಸನ
ಪ್ರಧಾನ ಸಿವಿಲ್ ನ್ಯಾಯಾಧೀಶರು ಮತ್ತು ಜೆ.ಎಂ.ಎಫ್.ಸಿ. ನ್ಯಾಯಾಲಯ
ಓ.ಎಸ್. ನಂ: 39/2025
ವಾದಿ: ಶ್ರೀ ಕೃಷ್ಣೇಗೌಡ ಬಿನ್ ಲೇಟ್ ತಿಮ್ಮೇಗೌಡ, ವಯಸ್ಸು 58 ವರ್ಷ, ವ್ಯವಸಾಯ, ವಾಸ ಹಾಸನ ತಾಲೂಕು. ಪ್ರತಿವಾದಿ: ಶ್ರೀ ರಾಮೇಗೌಡ ಮತ್ತು ಇತರರು. ಈ ಮೇಲ್ಕಂಡ ದಾವೆಗೆ ಸಂಬಂಧಿಸಿದಂತೆ ದಿನಾಂಕ 28-05-2025 ರಂದು ಬೆಳಿಗ್ಗೆ 11 ಗಂಟೆಗೆ ನ್ಯಾಯಾಲಯಕ್ಕೆ ಹಾಜರಾಗಲು ಸೂಚಿಸಲಾಗಿದೆ. ತಪ್ಪಿದಲ್ಲಿ ಏಕಪಕ್ಷೀಯವಾಗಿ ವಿಚಾರಣೆ ನಡೆಸಲಾಗುವುದು. ಸರ್ವೆ ನಂ. 45/2 ರಲ್ಲಿ 1 ಎಕರೆ 20 ಗುಂಟೆ ಜಮೀನು. ನ್ಯಾಯಾಲಯದ ಆದೇಶದ ಮೇರೆಗೆ. ಶಿರಸ್ತೇದಾರರು, ನ್ಯಾಯಾಲಯ, ಹಾಸನ. ವಾದಿ: ಶ್ರೀ ಕೃಷ್ಣೇಗೌಡ ಬಿನ್ ಲೇಟ್ ತಿಮ್ಮೇಗೌಡ, ವಯಸ್ಸು 58 ವರ್ಷ, ವ್ಯವಸಾಯ, ವಾಸ ಹಾಸನ ತಾಲೂಕು. ಪ್ರತಿವಾದಿ: ಶ್ರೀ ರಾಮೇಗೌಡ ಮತ್ತು ಇತರರು. ಈ ಮೇಲ್ಕಂಡ ದಾವೆಗೆ ಸಂಬಂಧಿಸಿದಂತೆ ದಿನಾಂಕ 28-05-2025 ರಂದು ಬೆಳಿಗ್ಗೆ 11 ಗಂಟೆಗೆ ನ್ಯಾಯಾಲಯಕ್ಕೆ ಹಾಜರಾಗಲು ಸೂಚಿಸಲಾಗಿದೆ. ತಪ್ಪಿದಲ್ಲಿ ಏಕಪಕ್ಷೀಯವಾಗಿ ವಿಚಾರಣೆ ನಡೆಸಲಾಗುವುದು. ಸರ್ವೆ ನಂ. 45/2 ರಲ್ಲಿ 1 ಎಕರೆ 20 ಗುಂಟೆ ಜಮೀನು. ನ್ಯಾಯಾಲಯದ ಆದೇಶದ ಮೇರೆಗೆ. ಶಿರಸ್ತೇದಾರರು, ನ್ಯಾಯಾಲಯ, ಹಾಸನ.
ದಿನಾಂಕ: 22.04.2025 ವಕೀಲರು, ಹಾಸನ
